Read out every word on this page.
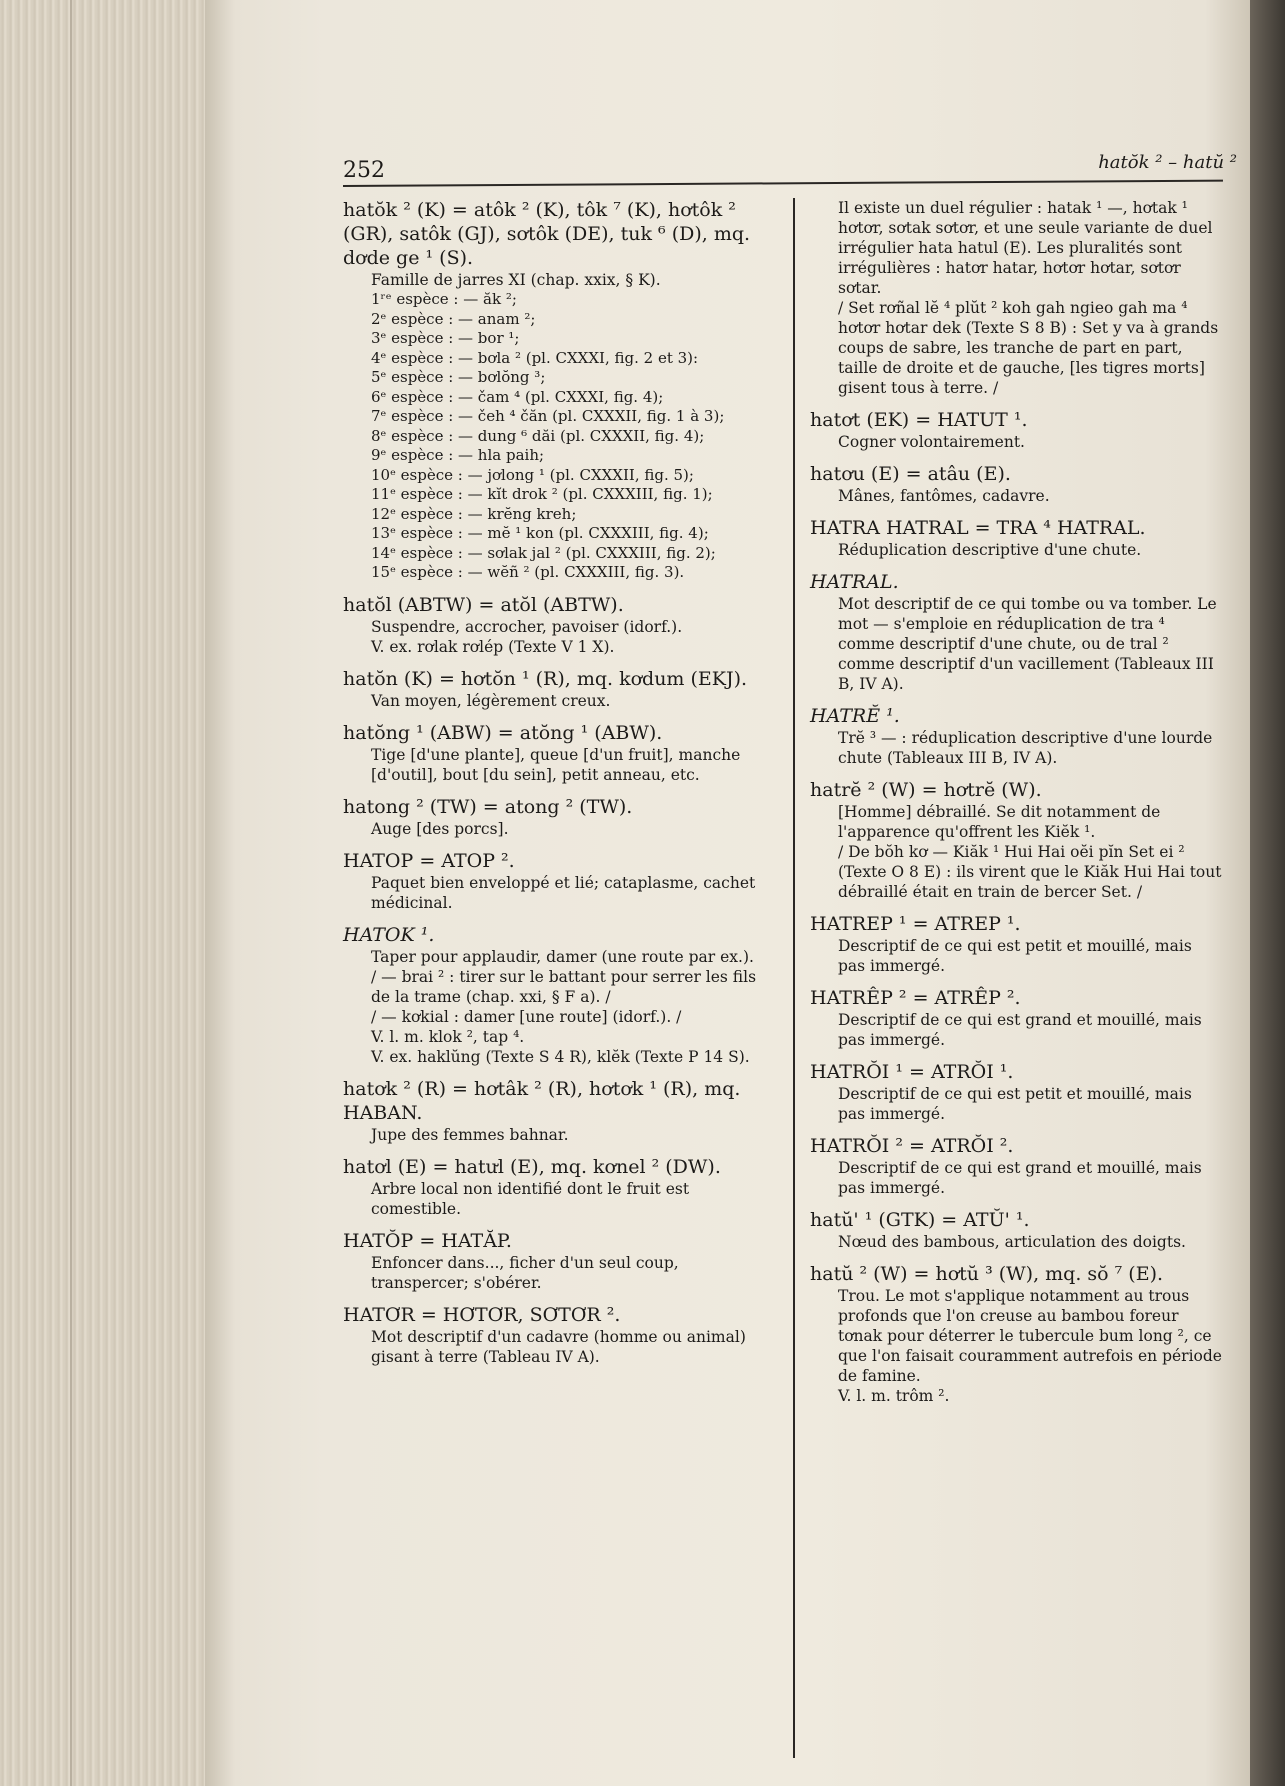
252	hatŏk ² – hatŭ ²
hatŏk ² (K) = atôk ² (K), tôk ⁷ (K), hơtôk ² (GR), satôk (GJ), sơtôk (DE), tuk ⁶ (D), mq. dơde ge ¹ (S).
Famille de jarres XI (chap. xxix, § K).
1ʳᵉ espèce : — ăk ²;
2ᵉ espèce : — anam ²;
3ᵉ espèce : — bor ¹;
4ᵉ espèce : — bơla ² (pl. CXXXI, fig. 2 et 3):
5ᵉ espèce : — bơlŏng ³;
6ᵉ espèce : — čam ⁴ (pl. CXXXI, fig. 4);
7ᵉ espèce : — čeh ⁴ čăn (pl. CXXXII, fig. 1 à 3);
8ᵉ espèce : — dung ⁶ dăi (pl. CXXXII, fig. 4);
9ᵉ espèce : — hla paih;
10ᵉ espèce : — jơlong ¹ (pl. CXXXII, fig. 5);
11ᵉ espèce : — kĭt drok ² (pl. CXXXIII, fig. 1);
12ᵉ espèce : — krĕng kreh;
13ᵉ espèce : — mĕ ¹ kon (pl. CXXXIII, fig. 4);
14ᵉ espèce : — sơlak jal ² (pl. CXXXIII, fig. 2);
15ᵉ espèce : — wĕñ ² (pl. CXXXIII, fig. 3).
hatŏl (ABTW) = atŏl (ABTW).
Suspendre, accrocher, pavoiser (idorf.).
V. ex. rơlak rơlép (Texte V 1 X).
hatŏn (K) = hơtŏn ¹ (R), mq. kơdum (EKJ).
Van moyen, légèrement creux.
hatŏng ¹ (ABW) = atŏng ¹ (ABW).
Tige [d'une plante], queue [d'un fruit], manche [d'outil], bout [du sein], petit anneau, etc.
hatong ² (TW) = atong ² (TW).
Auge [des porcs].
HATOP = ATOP ².
Paquet bien enveloppé et lié; cataplasme, cachet médicinal.
HATOK ¹.
Taper pour applaudir, damer (une route par ex.).
/ — brai ² : tirer sur le battant pour serrer les fils de la trame (chap. xxi, § F a). /
/ — kơkial : damer [une route] (idorf.). /
V. l. m. klok ², tap ⁴.
V. ex. haklŭng (Texte S 4 R), klĕk (Texte P 14 S).
hatơk ² (R) = hơtâk ² (R), hơtơk ¹ (R), mq. HABAN.
Jupe des femmes bahnar.
hatơl (E) = hatưl (E), mq. kơnel ² (DW).
Arbre local non identifié dont le fruit est comestible.
HATŎP = HATĂP.
Enfoncer dans..., ficher d'un seul coup, transpercer; s'obérer.
HATƠR = HƠTƠR, SƠTƠR ².
Mot descriptif d'un cadavre (homme ou animal) gisant à terre (Tableau IV A).
Il existe un duel régulier : hatak ¹ —, hơtak ¹ hơtơr, sơtak sơtơr, et une seule variante de duel irrégulier hata hatul (E). Les pluralités sont irrégulières : hatơr hatar, hơtơr hơtar, sơtơr sơtar.
/ Set rơñal lĕ ⁴ plŭt ² koh gah ngieo gah ma ⁴ hơtơr hơtar dek (Texte S 8 B) : Set y va à grands coups de sabre, les tranche de part en part, taille de droite et de gauche, [les tigres morts] gisent tous à terre. /
hatơt (EK) = HATUT ¹.
Cogner volontairement.
hatơu (E) = atâu (E).
Mânes, fantômes, cadavre.
HATRA HATRAL = TRA ⁴ HATRAL.
Réduplication descriptive d'une chute.
HATRAL.
Mot descriptif de ce qui tombe ou va tomber. Le mot — s'emploie en réduplication de tra ⁴ comme descriptif d'une chute, ou de tral ² comme descriptif d'un vacillement (Tableaux III B, IV A).
HATRĔ ¹.
Trĕ ³ — : réduplication descriptive d'une lourde chute (Tableaux III B, IV A).
hatrĕ ² (W) = hơtrĕ (W).
[Homme] débraillé. Se dit notamment de l'apparence qu'offrent les Kiĕk ¹.
/ De bŏh kơ — Kiăk ¹ Hui Hai oĕi pĭn Set ei ² (Texte O 8 E) : ils virent que le Kiăk Hui Hai tout débraillé était en train de bercer Set. /
HATREP ¹ = ATREP ¹.
Descriptif de ce qui est petit et mouillé, mais pas immergé.
HATRÊP ² = ATRÊP ².
Descriptif de ce qui est grand et mouillé, mais pas immergé.
HATRŎI ¹ = ATRŎI ¹.
Descriptif de ce qui est petit et mouillé, mais pas immergé.
HATRŎI ² = ATRŎI ².
Descriptif de ce qui est grand et mouillé, mais pas immergé.
hatŭ' ¹ (GTK) = ATŬ' ¹.
Nœud des bambous, articulation des doigts.
hatŭ ² (W) = hơtŭ ³ (W), mq. sŏ ⁷ (E).
Trou. Le mot s'applique notamment au trous profonds que l'on creuse au bambou foreur tơnak pour déterrer le tubercule bum long ², ce que l'on faisait couramment autrefois en période de famine.
V. l. m. trôm ².
